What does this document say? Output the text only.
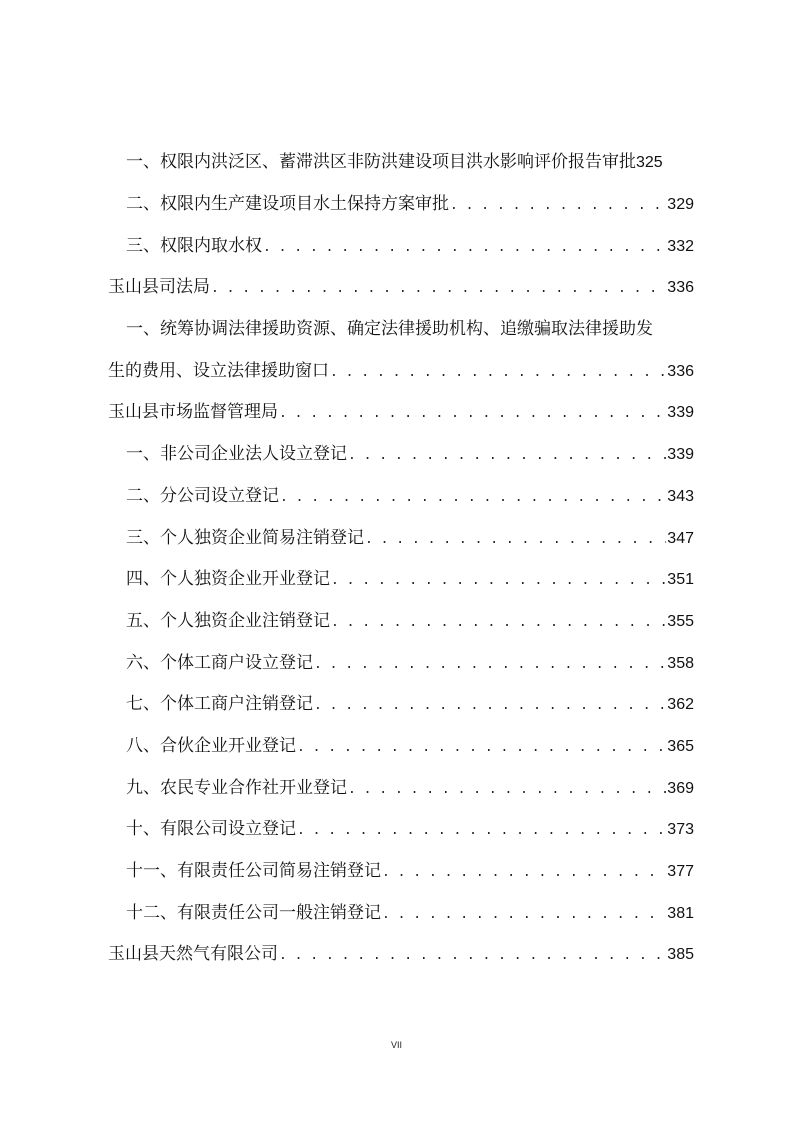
一、权限内洪泛区、蓄滞洪区非防洪建设项目洪水影响评价报告审批 325
二、权限内生产建设项目水土保持方案审批 . . .	329
三、权限内取水权 . . .	332
玉山县司法局 . . .	336
一、统筹协调法律援助资源、确定法律援助机构、追缴骗取法律援助发
生的费用、设立法律援助窗口 . . .	336
玉山县市场监督管理局 . . .	339
一、非公司企业法人设立登记 . . .	339
二、分公司设立登记 . . .	343
三、个人独资企业简易注销登记 . . .	347
四、个人独资企业开业登记 . . .	351
五、个人独资企业注销登记 . . .	355
六、个体工商户设立登记 . . .	358
七、个体工商户注销登记 . . .	362
八、合伙企业开业登记 . . .	365
九、农民专业合作社开业登记 . . .	369
十、有限公司设立登记 . . .	373
十一、有限责任公司简易注销登记 . . .	377
十二、有限责任公司一般注销登记 . . .	381
玉山县天然气有限公司 . . .	385
VII
